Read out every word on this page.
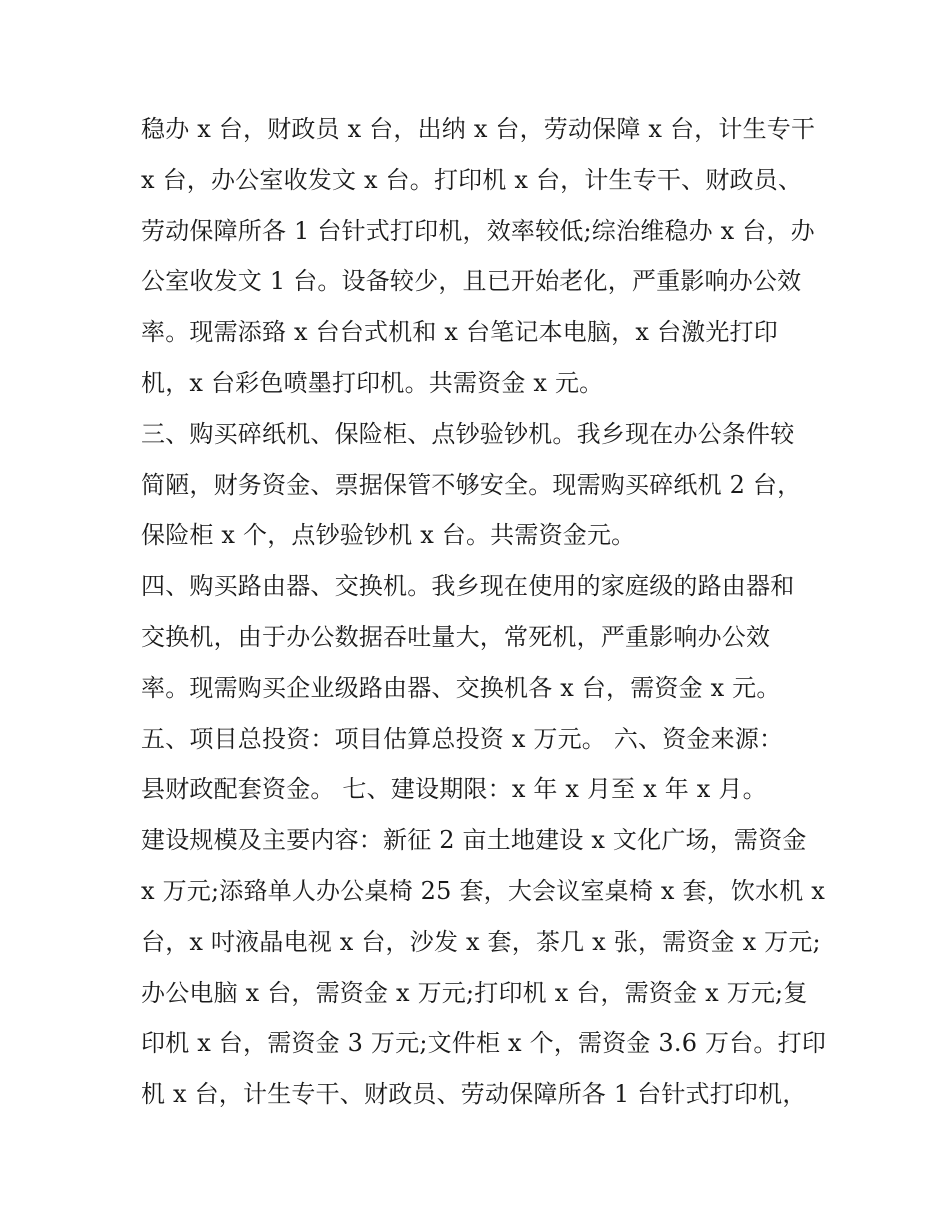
稳办 x 台，财政员 x 台，出纳 x 台，劳动保障 x 台，计生专干
x 台，办公室收发文 x 台。打印机 x 台，计生专干、财政员、
劳动保障所各 1 台针式打印机，效率较低;综治维稳办 x 台，办
公室收发文 1 台。设备较少，且已开始老化，严重影响办公效
率。现需添臵 x 台台式机和 x 台笔记本电脑，x 台激光打印
机，x 台彩色喷墨打印机。共需资金 x 元。
三、购买碎纸机、保险柜、点钞验钞机。我乡现在办公条件较
简陋，财务资金、票据保管不够安全。现需购买碎纸机 2 台，
保险柜 x 个，点钞验钞机 x 台。共需资金元。
四、购买路由器、交换机。我乡现在使用的家庭级的路由器和
交换机，由于办公数据吞吐量大，常死机，严重影响办公效
率。现需购买企业级路由器、交换机各 x 台，需资金 x 元。
五、项目总投资：项目估算总投资 x 万元。 六、资金来源：
县财政配套资金。 七、建设期限：x 年 x 月至 x 年 x 月。
建设规模及主要内容：新征 2 亩土地建设 x 文化广场，需资金
x 万元;添臵单人办公桌椅 25 套，大会议室桌椅 x 套，饮水机 x
台，x 吋液晶电视 x 台，沙发 x 套，茶几 x 张，需资金 x 万元;
办公电脑 x 台，需资金 x 万元;打印机 x 台，需资金 x 万元;复
印机 x 台，需资金 3 万元;文件柜 x 个，需资金 3.6 万台。打印
机 x 台，计生专干、财政员、劳动保障所各 1 台针式打印机，
